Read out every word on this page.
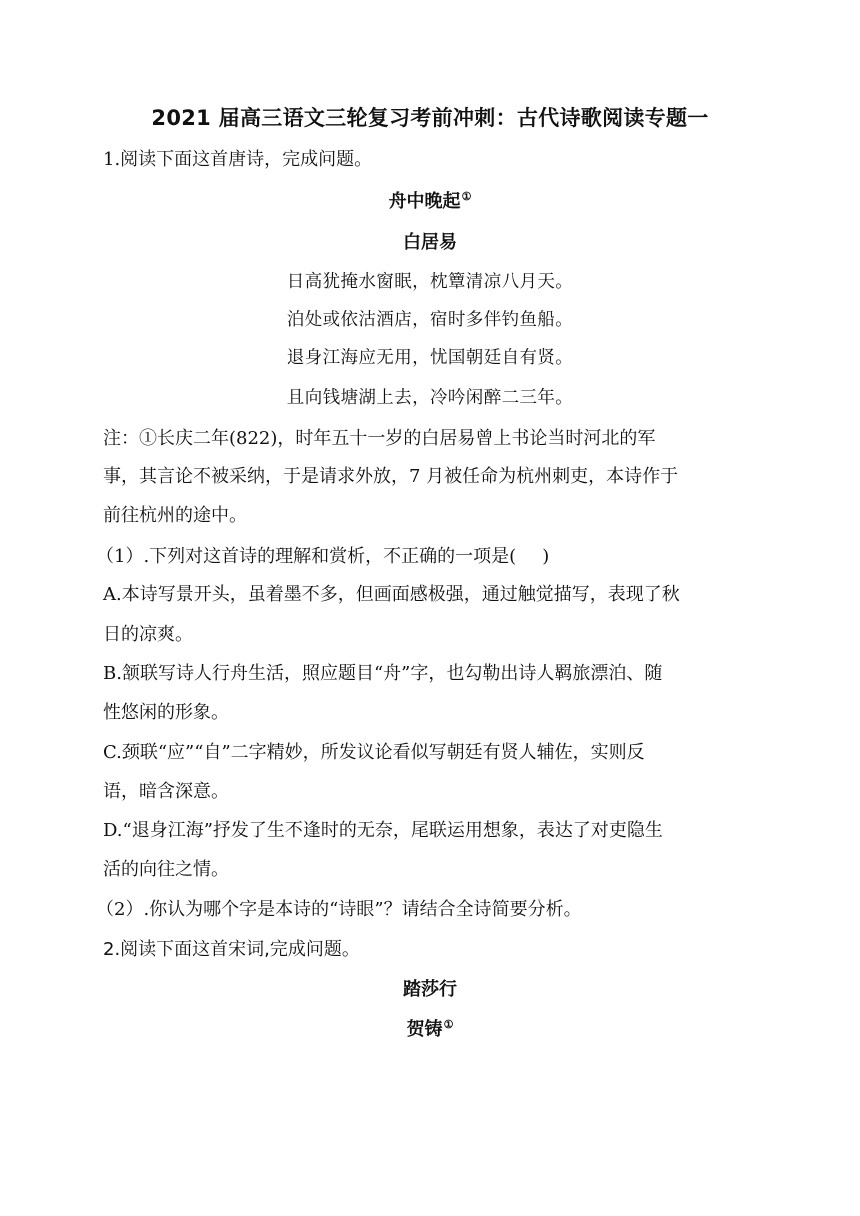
2021 届高三语文三轮复习考前冲刺：古代诗歌阅读专题一
1.阅读下面这首唐诗，完成问题。
舟中晚起①
白居易
日高犹掩水窗眠，枕簟清凉八月天。
泊处或依沽酒店，宿时多伴钓鱼船。
退身江海应无用，忧国朝廷自有贤。
且向钱塘湖上去，冷吟闲醉二三年。
注：①长庆二年(822)，时年五十一岁的白居易曾上书论当时河北的军
事，其言论不被采纳，于是请求外放，7 月被任命为杭州刺吏，本诗作于
前往杭州的途中。
（1）.下列对这首诗的理解和赏析，不正确的一项是( )
A.本诗写景开头，虽着墨不多，但画面感极强，通过触觉描写，表现了秋
日的凉爽。
B.颔联写诗人行舟生活，照应题目“舟”字，也勾勒出诗人羁旅漂泊、随
性悠闲的形象。
C.颈联“应”“自”二字精妙，所发议论看似写朝廷有贤人辅佐，实则反
语，暗含深意。
D.“退身江海”抒发了生不逢时的无奈，尾联运用想象，表达了对吏隐生
活的向往之情。
（2）.你认为哪个字是本诗的“诗眼”？请结合全诗简要分析。
2.阅读下面这首宋词,完成问题。
踏莎行
贺铸①
